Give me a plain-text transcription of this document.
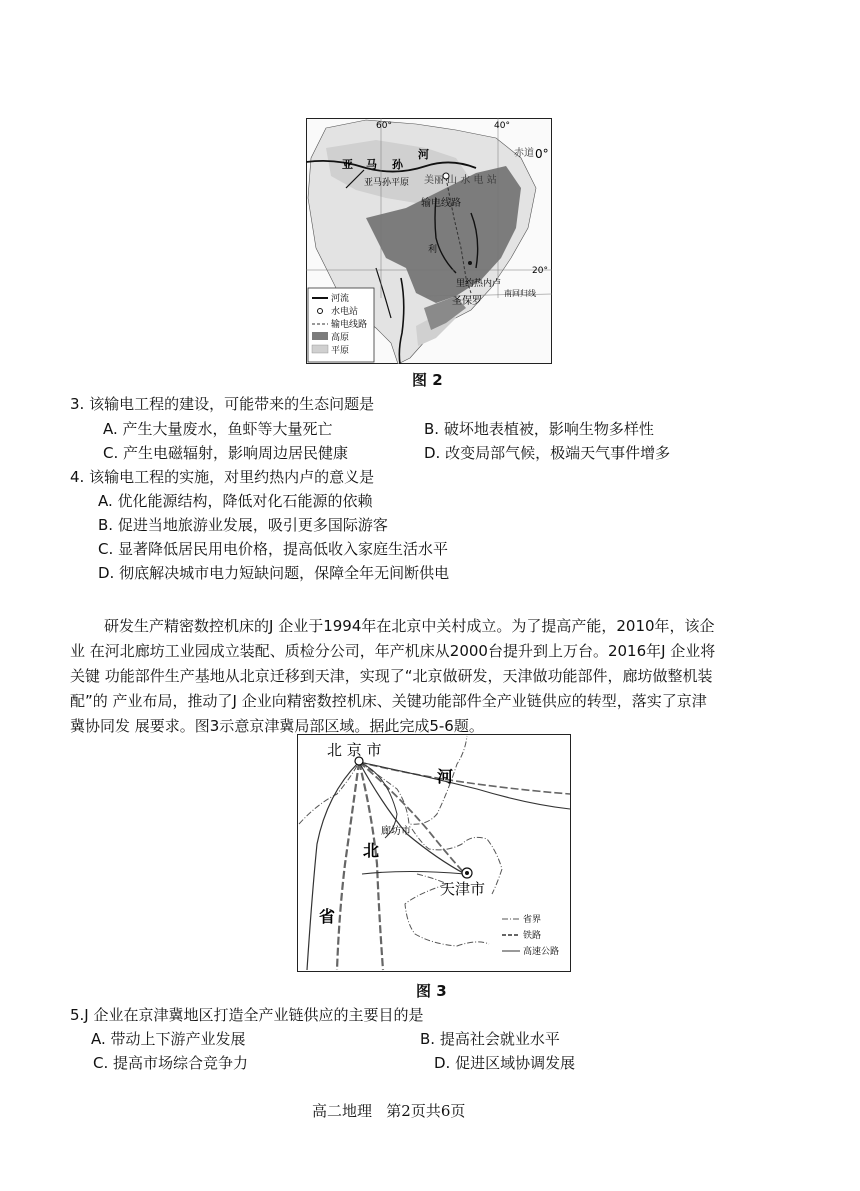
60°	40°
赤道 0°
20°
亚 马 孙
河
亚马孙平原 美丽 山 水 电 站
输电线路
利
里约热内卢
南回归线
圣保罗
河流
水电站
输电线路
高原
平原
图 2
3. 该输电工程的建设，可能带来的生态问题是
A. 产生大量废水，鱼虾等大量死亡	B. 破坏地表植被，影响生物多样性
C. 产生电磁辐射，影响周边居民健康	D. 改变局部气候，极端天气事件增多
4. 该输电工程的实施，对里约热内卢的意义是
A. 优化能源结构，降低对化石能源的依赖
B. 促进当地旅游业发展，吸引更多国际游客
C. 显著降低居民用电价格，提高低收入家庭生活水平
D. 彻底解决城市电力短缺问题，保障全年无间断供电
研发生产精密数控机床的J 企业于1994年在北京中关村成立。为了提高产能，2010年，该企
业 在河北廊坊工业园成立装配、质检分公司，年产机床从2000台提升到上万台。2016年J 企业将
关键 功能部件生产基地从北京迁移到天津，实现了“北京做研发，天津做功能部件，廊坊做整机装
配”的 产业布局，推动了J 企业向精密数控机床、关键功能部件全产业链供应的转型，落实了京津
冀协同发 展要求。图3示意京津冀局部区域。据此完成5-6题。
北 京 市
河
廊坊市
北
天津市
省	省界
铁路
高速公路
图 3
5.J 企业在京津冀地区打造全产业链供应的主要目的是
A. 带动上下游产业发展	B. 提高社会就业水平
C. 提高市场综合竞争力	D. 促进区域协调发展
高二地理   第2页共6页
